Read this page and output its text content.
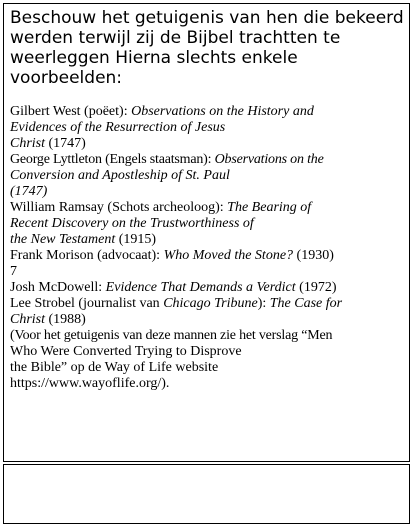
Beschouw het getuigenis van hen die bekeerd
werden terwijl zij de Bijbel trachtten te
weerleggen Hierna slechts enkele
voorbeelden:
Gilbert West (poëet): Observations on the History and
Evidences of the Resurrection of Jesus
Christ (1747)
George Lyttleton (Engels staatsman): Observations on the
Conversion and Apostleship of St. Paul
(1747)
William Ramsay (Schots archeoloog): The Bearing of
Recent Discovery on the Trustworthiness of
the New Testament (1915)
Frank Morison (advocaat): Who Moved the Stone? (1930)
7
Josh McDowell: Evidence That Demands a Verdict (1972)
Lee Strobel (journalist van Chicago Tribune): The Case for
Christ (1988)
(Voor het getuigenis van deze mannen zie het verslag “Men
Who Were Converted Trying to Disprove
the Bible” op de Way of Life website
https://www.wayoflife.org/).
